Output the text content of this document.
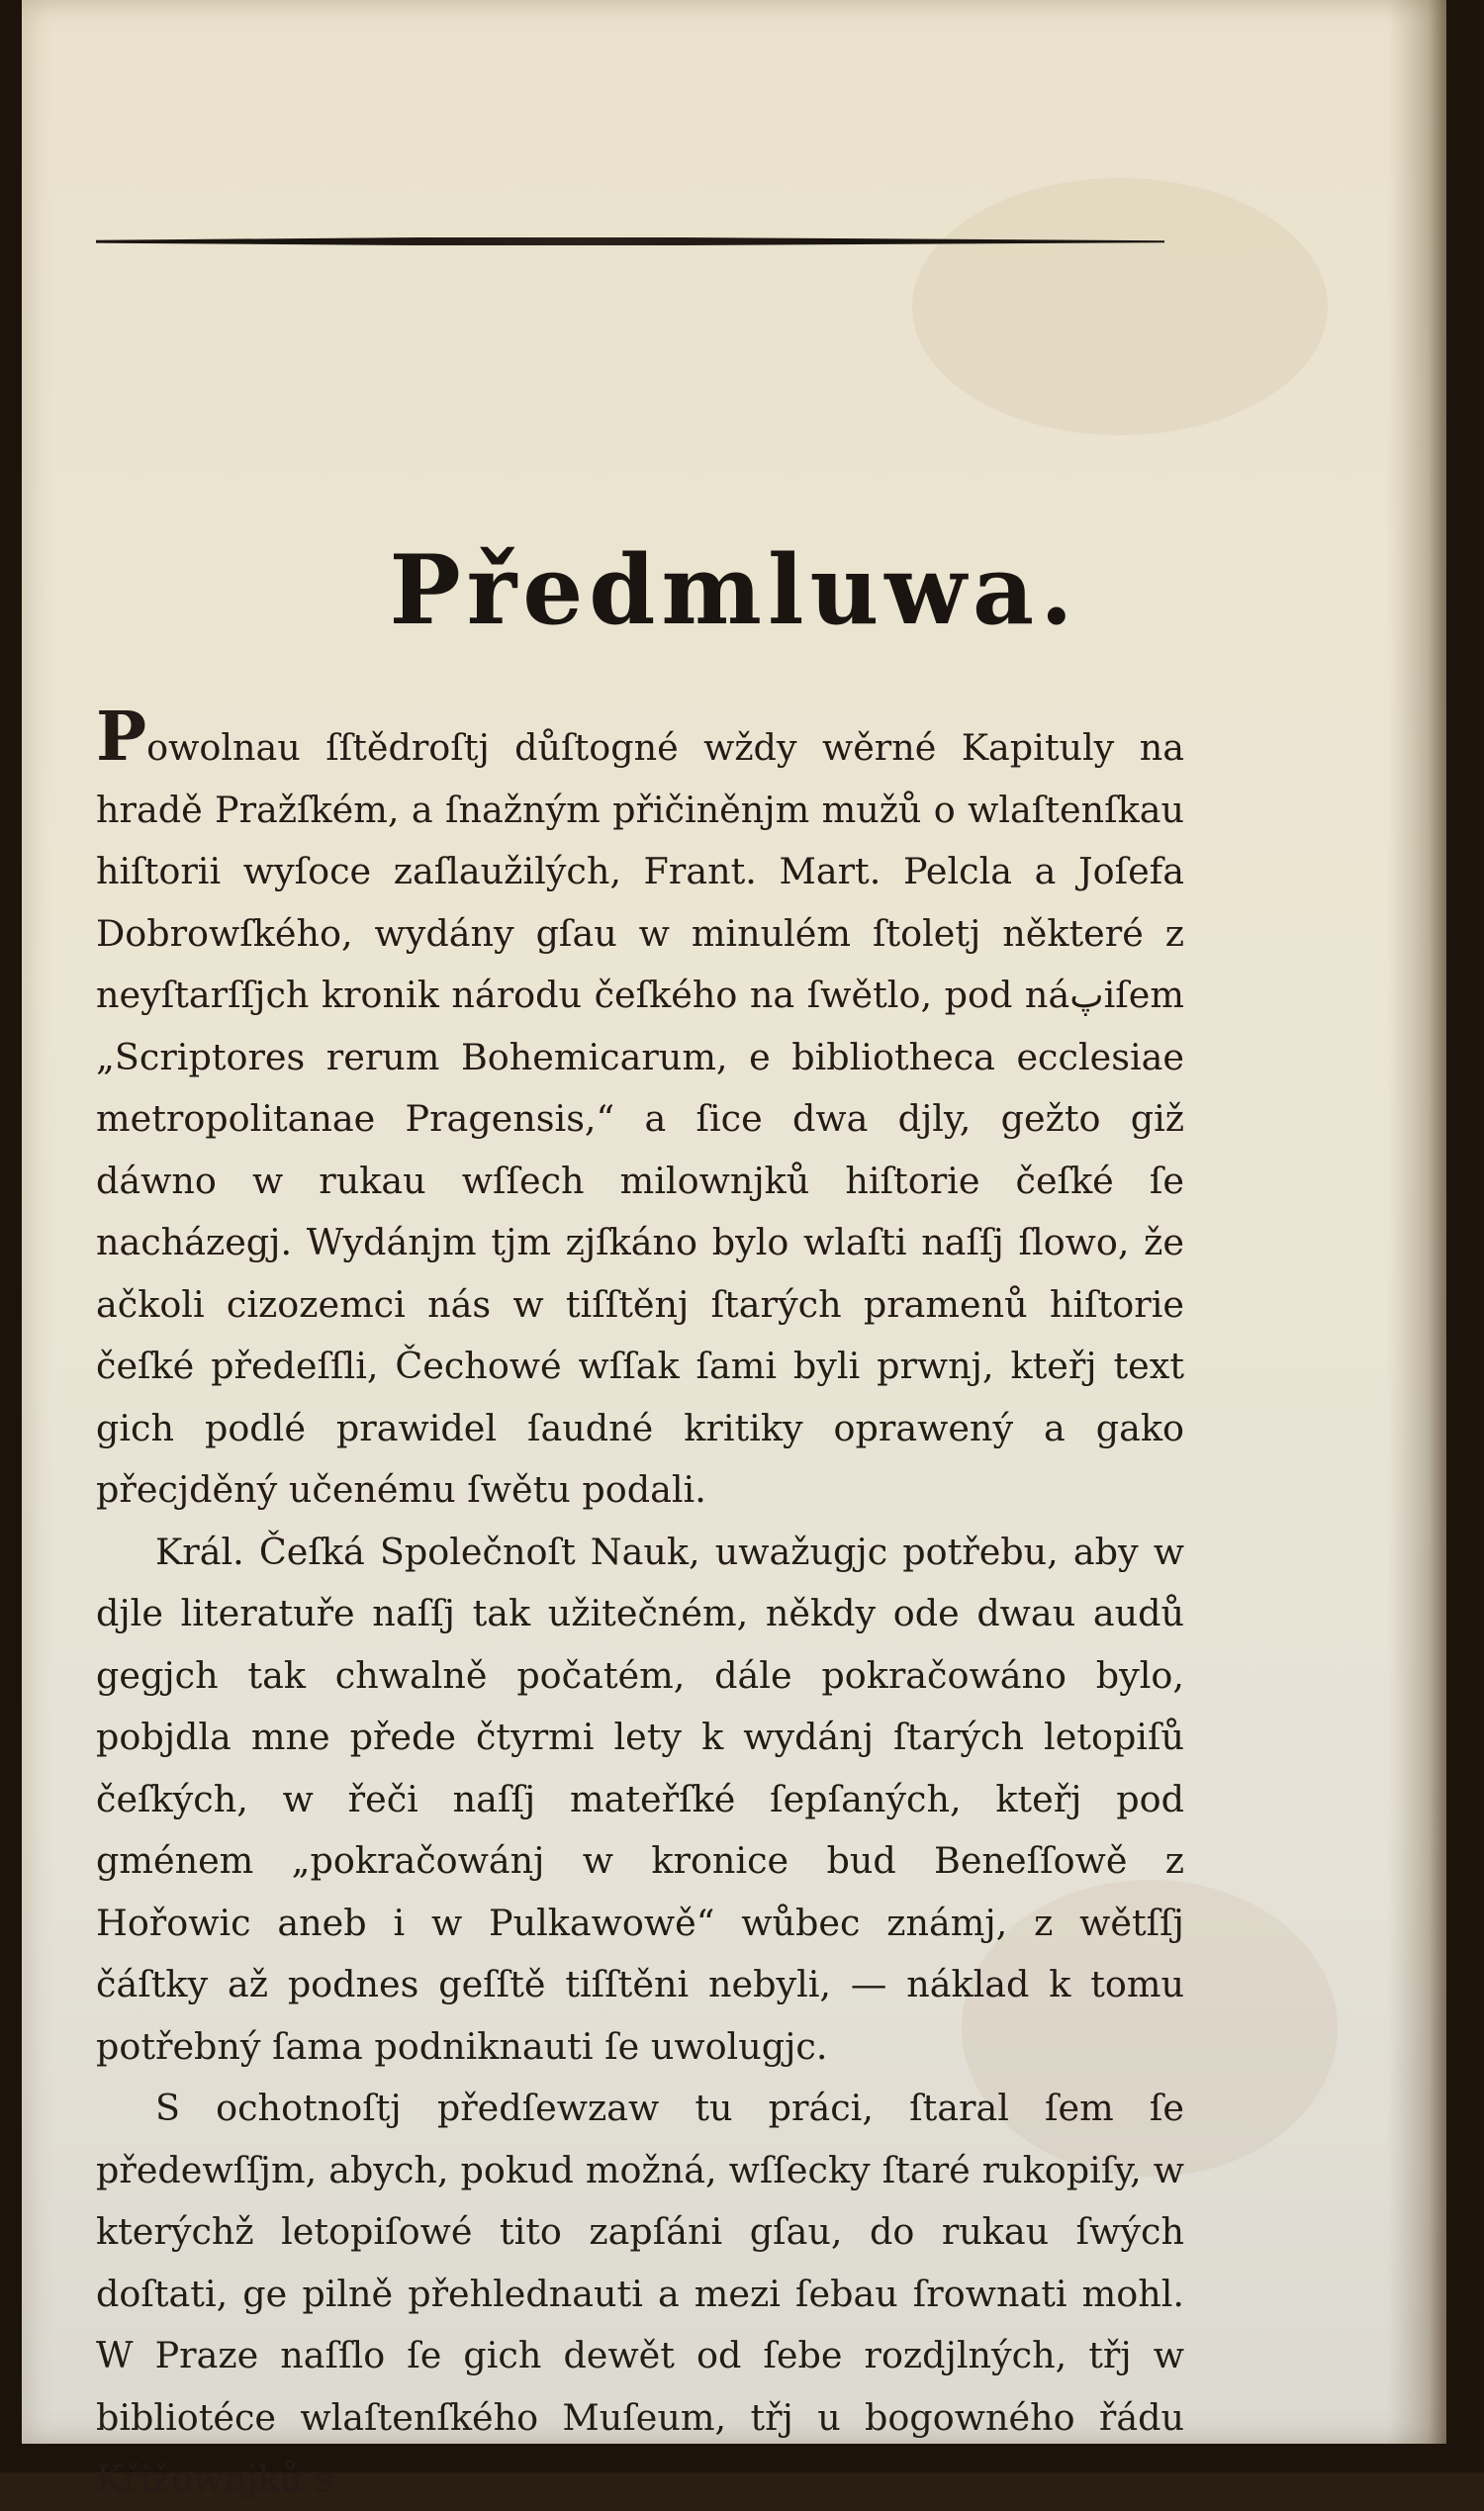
Předmluwa.

Powolnau ſſtědroſtj důſtogné wždy wěrné Kapituly na hradě Pražſkém, a ſnažným přičiněnjm mužů o wlaſtenſkau hiſtorii wyſoce zaſlaužilých, Frant. Mart. Pelcla a Joſefa Dobrowſkého, wydány gſau w minulém ſtoletj některé z neyſtarſſjch kronik národu čeſkého na ſwětlo, pod náپiſem „Scriptores rerum Bohemicarum, e bibliotheca ecclesiae metropolitanae Pragensis,“ a ſice dwa djly, gežto giž dáwno w rukau wſſech milownjků hiſtorie čeſké ſe nacházegj. Wydánjm tjm zjſkáno bylo wlaſti naſſj ſlowo, že ačkoli cizozemci nás w tiſſtěnj ſtarých pramenů hiſtorie čeſké předeſſli, Čechowé wſſak ſami byli prwnj, kteřj text gich podlé prawidel ſaudné kritiky oprawený a gako přecjděný učenému ſwětu podali.

Král. Čeſká Společnoſt Nauk, uwažugjc potřebu, aby w djle literatuře naſſj tak užitečném, někdy ode dwau audů gegjch tak chwalně počatém, dále pokračowáno bylo, pobjdla mne přede čtyrmi lety k wydánj ſtarých letopiſů čeſkých, w řeči naſſj mateřſké ſepſaných, kteřj pod gménem „pokračowánj w kronice bud Beneſſowě z Hořowic aneb i w Pulkawowě“ wůbec známj, z wětſſj čáſtky až podnes geſſtě tiſſtěni nebyli, — náklad k tomu potřebný ſama podniknauti ſe uwolugjc.

S ochotnoſtj předſewzaw tu práci, ſtaral ſem ſe předewſſjm, abych, pokud možná, wſſecky ſtaré rukopiſy, w kterýchž letopiſowé tito zapſáni gſau, do rukau ſwých doſtati, ge pilně přehlednauti a mezi ſebau ſrownati mohl. W Praze naſſlo ſe gich dewět od ſebe rozdjlných, třj w bibliotéce wlaſtenſkého Muſeum, třj u bogowného řádu Křižownjků s
